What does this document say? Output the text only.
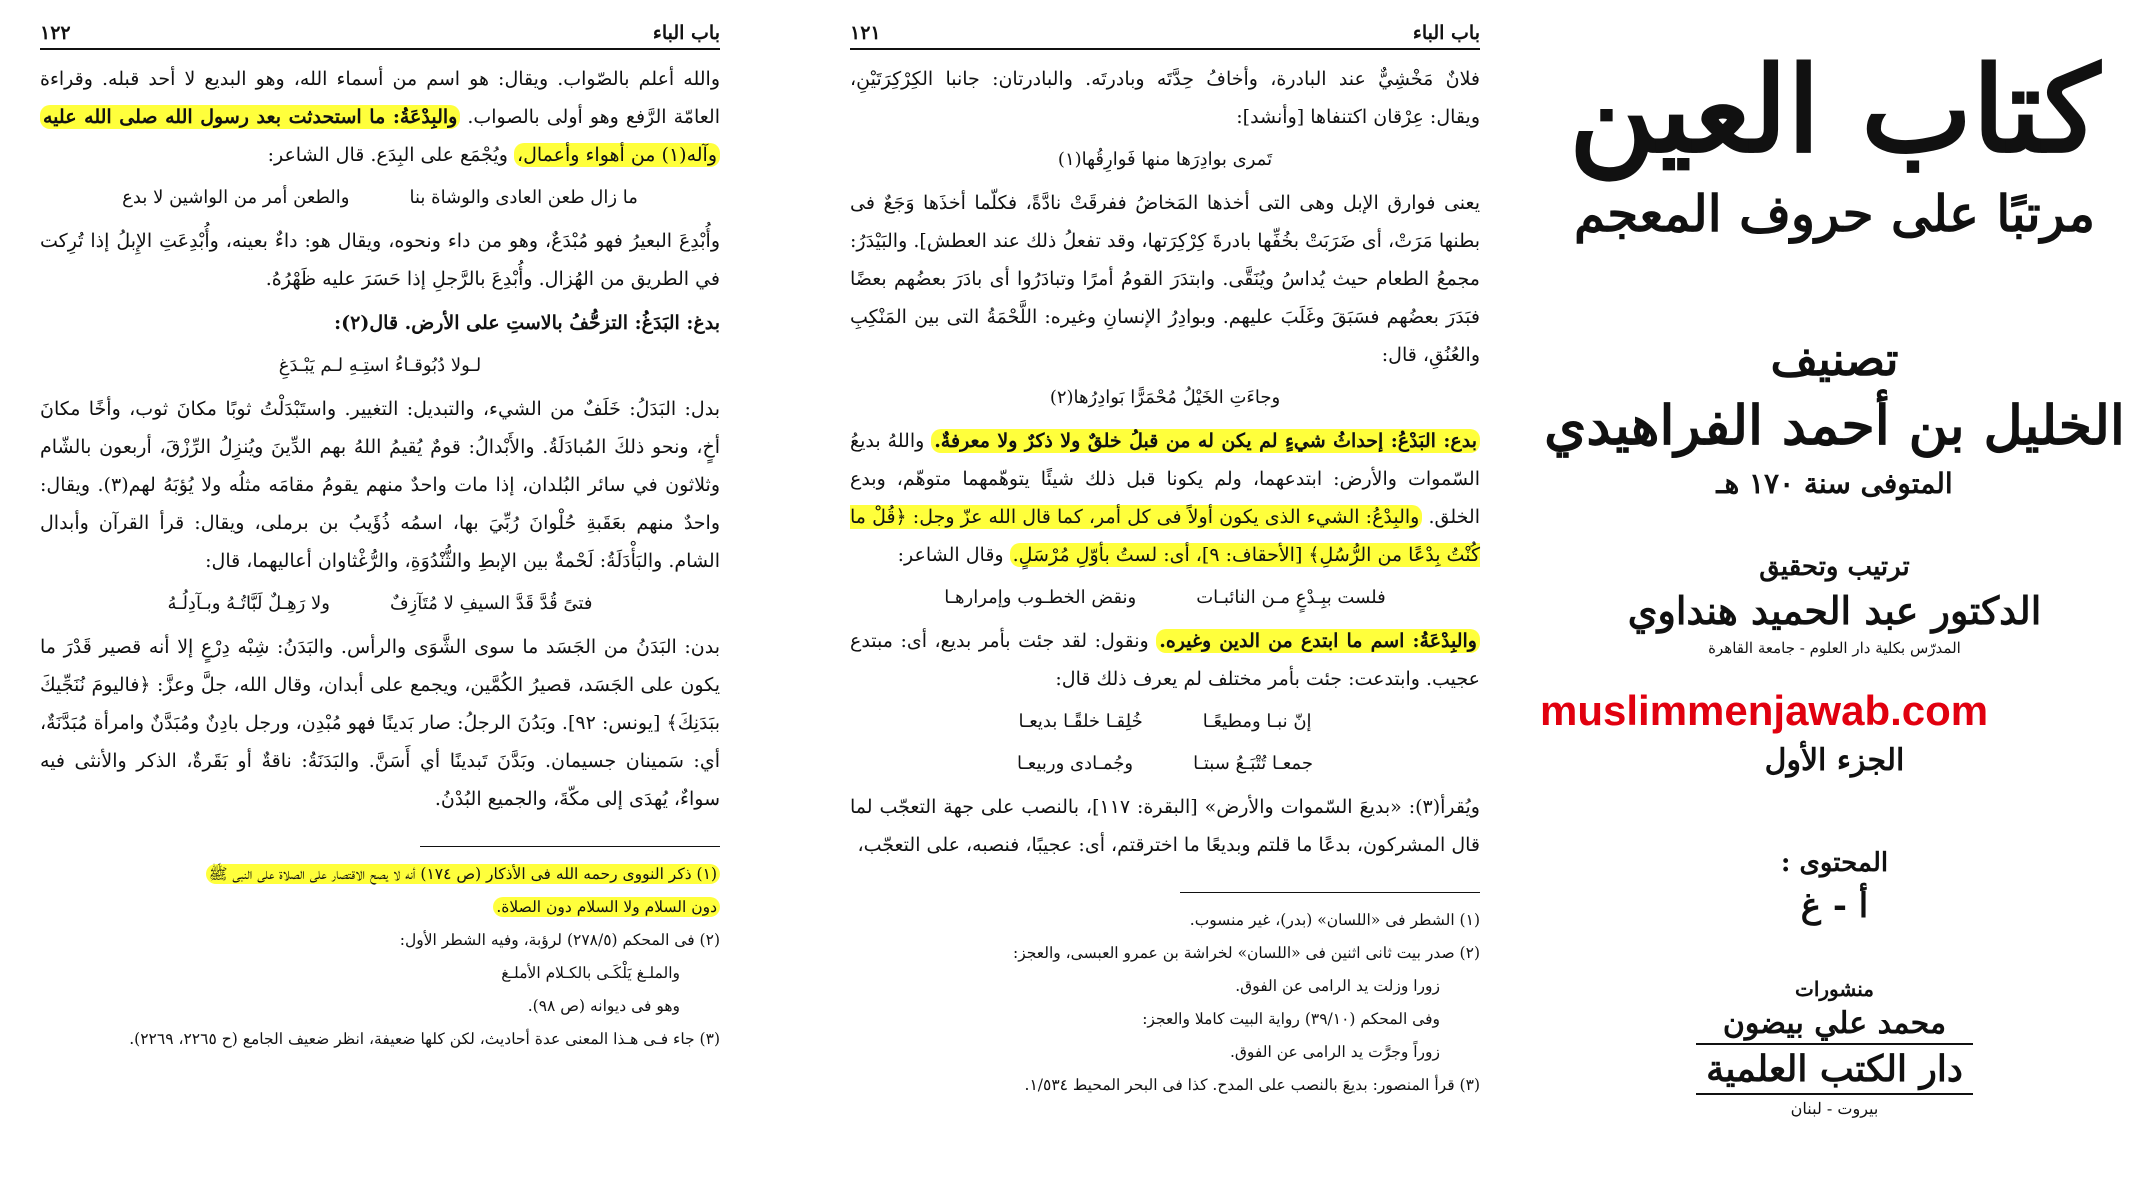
باب الباء
١٢٢

والله أعلم بالصّواب. ويقال: هو اسم من أسماء الله، وهو البديع لا أحد قبله. وقراءة العامّة الرَّفع وهو أولى بالصواب. والبِدْعَةُ: ما استحدثت بعد رسول الله صلى الله عليه وآله(١) من أهواء وأعمال، ويُجْمَع على البِدَع. قال الشاعر:

ما زال طعن العادى والوشاة بنا
والطعن أمر من الواشين لا بدع

وأُبْدِعَ البعيرُ فهو مُبْدَعٌ، وهو من داء ونحوه، ويقال هو: داءٌ بعينه، وأُبْدِعَتِ الإِبلُ إذا تُرِكت في الطريق من الهُزال. وأُبْدِعَ بالرَّجلِ إذا حَسَرَ عليه ظَهْرُهُ.

بدغ: البَدَغُ: التزحُّفُ بالاستِ على الأرض. قال(٢):

لـولا دُبُوقـاءُ استِـهِ لـم يَبْـدَغِ

بدل: البَدَلُ: خَلَفٌ من الشيء، والتبديل: التغيير. واستَبْدَلْتُ ثوبًا مكانَ ثوب، وأخًا مكانَ أخٍ، ونحو ذلكَ المُبادَلَةُ. والأَبْدالُ: قومٌ يُقيمُ اللهُ بهم الدِّينَ ويُنزِلُ الرِّزْقَ، أربعون بالشّام وثلاثون في سائر البُلدان، إذا مات واحدٌ منهم يقومُ مقامَه مثلُه ولا يُؤبَهُ لهم(٣). ويقال: واحدٌ منهم بعَقَبةِ حُلْوانَ رُبِّيَ بها، اسمُه ذُؤَيبُ بن برملى، ويقال: قرأ القرآن وأبدال الشام. والبَأْدَلَةُ: لَحْمةٌ بين الإبطِ والثُّنْدُوَةِ، والرُّغْثاوان أعاليهما، قال:

فتىً قُدَّ قَدَّ السيفِ لا مُتَآزِفٌ
ولا رَهِـلٌ لَبَّاتُـهُ وبـآدِلُـهُ

بدن: البَدَنُ من الجَسَد ما سوى الشَّوَى والرأس. والبَدَنُ: شِبْه دِرْعٍ إلا أنه قصير قَدْرَ ما يكون على الجَسَد، قصيرُ الكُمَّين، ويجمع على أبدان، وقال الله، جلَّ وعزَّ: ﴿فاليومَ نُنَجِّيكَ ببَدَنِكَ﴾ [يونس: ٩٢]. وبَدُنَ الرجلُ: صار بَدينًا فهو مُبْدِن، ورجل بادِنٌ ومُبَدَّنٌ وامرأة مُبَدَّنَةٌ، أي: سَمينان جسيمان. وبَدَّنَ تَبدينًا أي أَسَنَّ. والبَدَنَةُ: ناقةٌ أو بَقَرةٌ، الذكر والأنثى فيه سواءٌ، يُهدَى إلى مكّةَ، والجميع البُدْنُ.

(١) ذكر النووى رحمه الله فى الأذكار (ص ١٧٤) أنه لا يصح الاقتصار على الصلاة على النبى ﷺ

دون السلام ولا السلام دون الصلاة.

(٢) فى المحكم (٢٧٨/٥) لرؤبة، وفيه الشطر الأول:

والملـغ يَلْكَـى بالكـلام الأملـغ

وهو فى ديوانه (ص ٩٨).

(٣) جاء فـى هـذا المعنى عدة أحاديث، لكن كلها ضعيفة، انظر ضعيف الجامع (ح ٢٢٦٥، ٢٢٦٩).

باب الباء
١٢١

فلانٌ مَخْشِيٌّ عند البادرة، وأخافُ حِدَّتَه وبادرتَه. والبادرتان: جانبا الكِرْكِرَتَيْنِ، ويقال: عِرْقان اكتنفاها [وأنشد]:

تَمرى بوادِرَها منها فَوارِقُها(١)

يعنى فوارق الإبل وهى التى أخذها المَخاضُ ففرقَتْ نادَّةً، فكلّما أخذَها وَجَعٌ فى بطنها مَرَتْ، أى ضَرَبَتْ بخُفِّها بادرةَ كِرْكِرَتها، وقد تفعلُ ذلك عند العطش]. والبَيْدَرُ: مجمعُ الطعام حيث يُداسُ ويُنَقَّى. وابتدَرَ القومُ أمرًا وتبادَرُوا أى بادَرَ بعضُهم بعضًا فبَدَرَ بعضُهم فسَبَقَ وغَلَبَ عليهم. وبوادِرُ الإنسانِ وغيره: اللَّحْمَةُ التى بين المَنْكِبِ والعُنُقِ، قال:

وجاءَتِ الخَيْلُ مُحْمَرًّا بَوادِرُها(٢)

بدع: البَدْعُ: إحداثُ شيءٍ لم يكن له من قبلُ خلقٌ ولا ذكرٌ ولا معرفةٌ. واللهُ بديعُ السّموات والأرض: ابتدعهما، ولم يكونا قبل ذلك شيئًا يتوهّمهما متوهّم، وبدع الخلق. والبِدْعُ: الشيء الذى يكون أولاً فى كل أمر، كما قال الله عزّ وجل: ﴿قُلْ ما كُنْتُ بِدْعًا من الرُّسُلِ﴾ [الأحقاف: ٩]، أى: لستُ بأوّلِ مُرْسَلٍ. وقال الشاعر:

فلست ببِـدْعٍ مـن النائبـات
ونقض الخطـوب وإمرارهـا

والبِدْعَةُ: اسم ما ابتدع من الدين وغيره. ونقول: لقد جئت بأمر بديع، أى: مبتدع عجيب. وابتدعت: جئت بأمر مختلف لم يعرف ذلك قال:

إنّ نبـا ومطيعًـا
خُلِقـا خلقًـا بديعـا
جمعـا تُتْبَـعُ سبتـا
وجُمـادى وربيعـا

ويُقرأ(٣): «بديعَ السّموات والأرض» [البقرة: ١١٧]، بالنصب على جهة التعجّب لما قال المشركون، بدعًا ما قلتم وبديعًا ما اخترقتم، أى: عجيبًا، فنصبه، على التعجّب،

(١) الشطر فى «اللسان» (بدر)، غير منسوب.

(٢) صدر بيت ثانى اثنين فى «اللسان» لخراشة بن عمرو العبسى، والعجز:

زورا وزلت يد الرامى عن الفوق.

وفى المحكم (٣٩/١٠) رواية البيت كاملا والعجز:

زوراً وجرَّت يد الرامى عن الفوق.

(٣) قرأ المنصور: بديعَ بالنصب على المدح. كذا فى البحر المحيط ١/٥٣٤.

كتاب العين
مرتبًا على حروف المعجم
تصنيف
الخليل بن أحمد الفراهيدي
المتوفى سنة ١٧٠ هـ
ترتيب وتحقيق
الدكتور عبد الحميد هنداوي
المدرّس بكلية دار العلوم - جامعة القاهرة
muslimmenjawab.com
الجزء الأول
المحتوى :
أ - غ
منشورات
محمد علي بيضون
دار الكتب العلمية
بيروت - لبنان
